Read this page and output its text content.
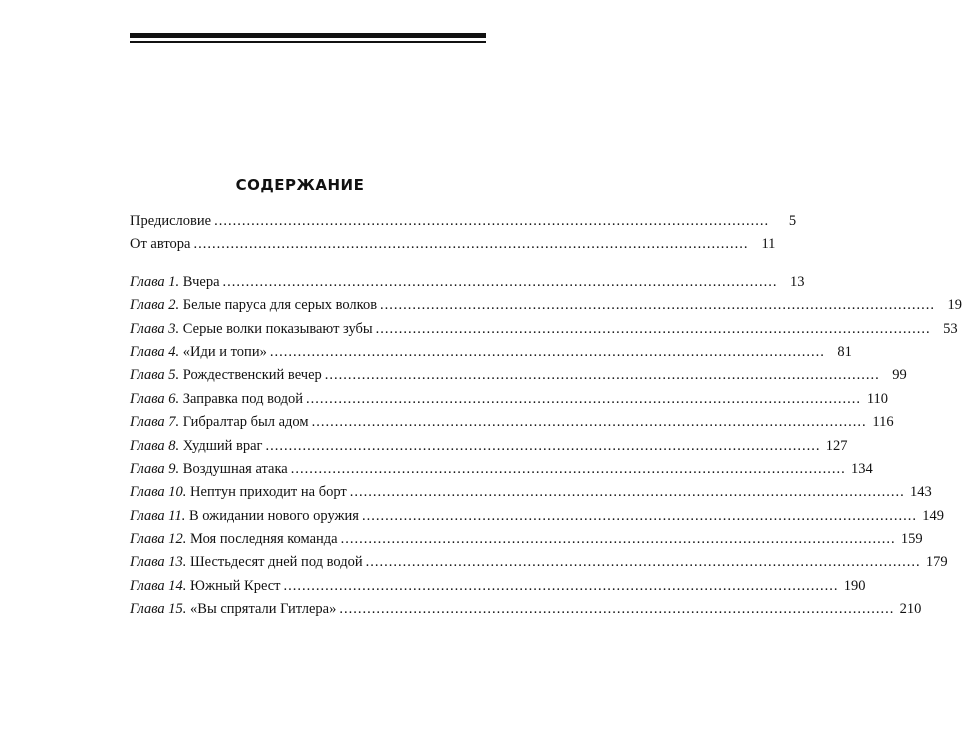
СОДЕРЖАНИЕ
Предисловие ........................................................................................................................	5
От автора ........................................................................................................................ 11
Глава 1. Вчера ........................................................................................................................ 13
Глава 2. Белые паруса для серых волков ........................................................................................................................ 19
Глава 3. Серые волки показывают зубы ........................................................................................................................ 53
Глава 4. «Иди и топи» ........................................................................................................................ 81
Глава 5. Рождественский вечер ........................................................................................................................ 99
Глава 6. Заправка под водой ........................................................................................................................ 110
Глава 7. Гибралтар был адом ........................................................................................................................ 116
Глава 8. Худший враг ........................................................................................................................ 127
Глава 9. Воздушная атака ........................................................................................................................ 134
Глава 10. Нептун приходит на борт ........................................................................................................................ 143
Глава 11. В ожидании нового оружия ........................................................................................................................ 149
Глава 12. Моя последняя команда ........................................................................................................................ 159
Глава 13. Шестьдесят дней под водой ........................................................................................................................ 179
Глава 14. Южный Крест ........................................................................................................................ 190
Глава 15. «Вы спрятали Гитлера» ........................................................................................................................ 210
